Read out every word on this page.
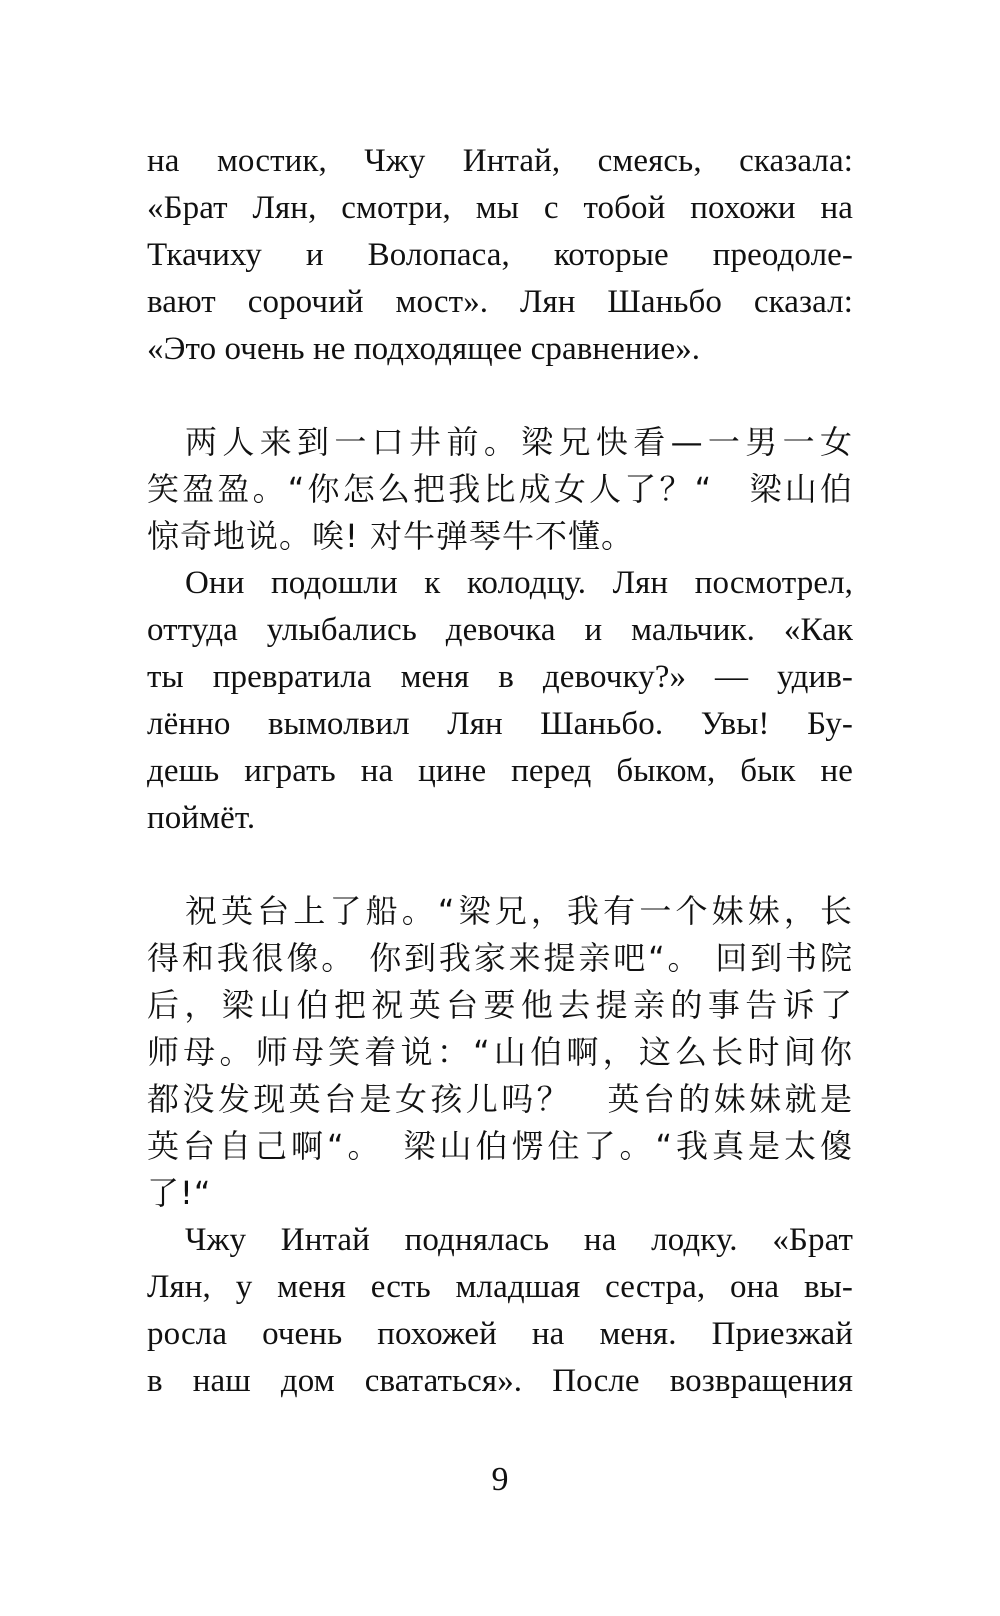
на мостик, Чжу Интай, смеясь, сказала:
«Брат Лян, смотри, мы с тобой похожи на
Ткачиху и Волопаса, которые преодоле-
вают сорочий мост». Лян Шаньбо сказал:
«Это очень не подходящее сравнение».

两人来到一口井前。梁兄快看—一男一女
笑盈盈。“你怎么把我比成女人了？“　梁山伯
惊奇地说。唉! 对牛弹琴牛不懂。

Они подошли к колодцу. Лян посмотрел,
оттуда улыбались девочка и мальчик. «Как
ты превратила меня в девочку?» — удив-
лённо вымолвил Лян Шаньбо. Увы! Бу-
дешь играть на цине перед быком, бык не
поймёт.

祝英台上了船。“梁兄，我有一个妹妹，长
得和我很像。 你到我家来提亲吧“。 回到书院
后，梁山伯把祝英台要他去提亲的事告诉了
师母。师母笑着说：“山伯啊，这么长时间你
都没发现英台是女孩儿吗？　英台的妹妹就是
英台自己啊“。　梁山伯愣住了。“我真是太傻
了!“

Чжу Интай поднялась на лодку. «Брат
Лян, у меня есть младшая сестра, она вы-
росла очень похожей на меня. Приезжай
в наш дом свататься». После возвращения

9
